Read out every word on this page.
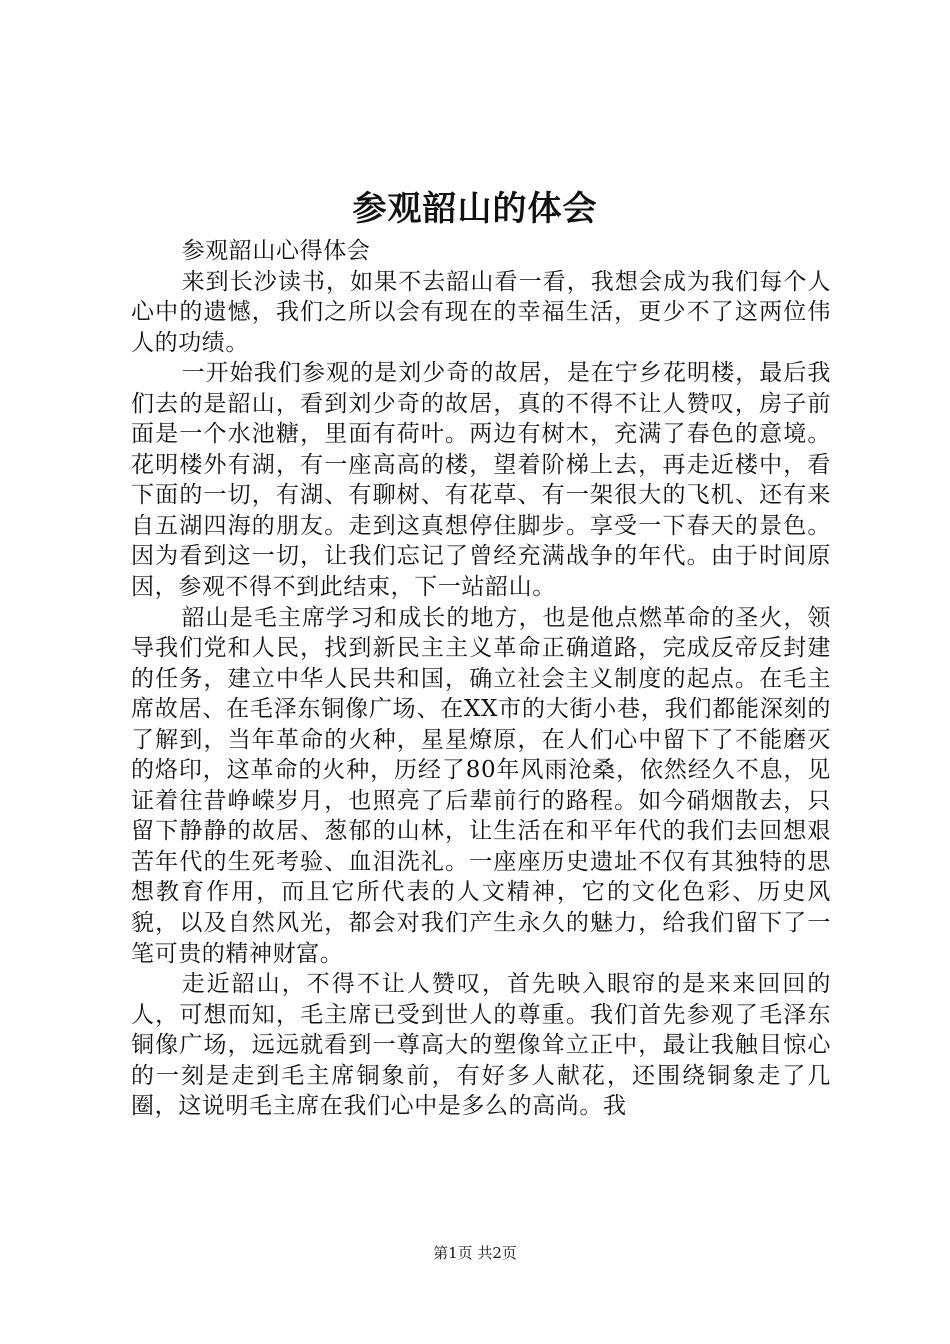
参观韶山的体会

参观韶山心得体会

来到长沙读书，如果不去韶山看一看，我想会成为我们每个人心中的遗憾，我们之所以会有现在的幸福生活，更少不了这两位伟人的功绩。

一开始我们参观的是刘少奇的故居，是在宁乡花明楼，最后我们去的是韶山，看到刘少奇的故居，真的不得不让人赞叹，房子前面是一个水池糖，里面有荷叶。两边有树木，充满了春色的意境。花明楼外有湖，有一座高高的楼，望着阶梯上去，再走近楼中，看下面的一切，有湖、有聊树、有花草、有一架很大的飞机、还有来自五湖四海的朋友。走到这真想停住脚步。享受一下春天的景色。因为看到这一切，让我们忘记了曾经充满战争的年代。由于时间原因，参观不得不到此结束，下一站韶山。

韶山是毛主席学习和成长的地方，也是他点燃革命的圣火，领导我们党和人民，找到新民主主义革命正确道路，完成反帝反封建的任务，建立中华人民共和国，确立社会主义制度的起点。在毛主席故居、在毛泽东铜像广场、在XX市的大街小巷，我们都能深刻的了解到，当年革命的火种，星星燎原，在人们心中留下了不能磨灭的烙印，这革命的火种，历经了80年风雨沧桑，依然经久不息，见证着往昔峥嵘岁月，也照亮了后辈前行的路程。如今硝烟散去，只留下静静的故居、葱郁的山林，让生活在和平年代的我们去回想艰苦年代的生死考验、血泪洗礼。一座座历史遗址不仅有其独特的思想教育作用，而且它所代表的人文精神，它的文化色彩、历史风貌，以及自然风光，都会对我们产生永久的魅力，给我们留下了一笔可贵的精神财富。

走近韶山，不得不让人赞叹，首先映入眼帘的是来来回回的人，可想而知，毛主席已受到世人的尊重。我们首先参观了毛泽东铜像广场，远远就看到一尊高大的塑像耸立正中，最让我触目惊心的一刻是走到毛主席铜象前，有好多人献花，还围绕铜象走了几圈，这说明毛主席在我们心中是多么的高尚。我

第1页 共2页
